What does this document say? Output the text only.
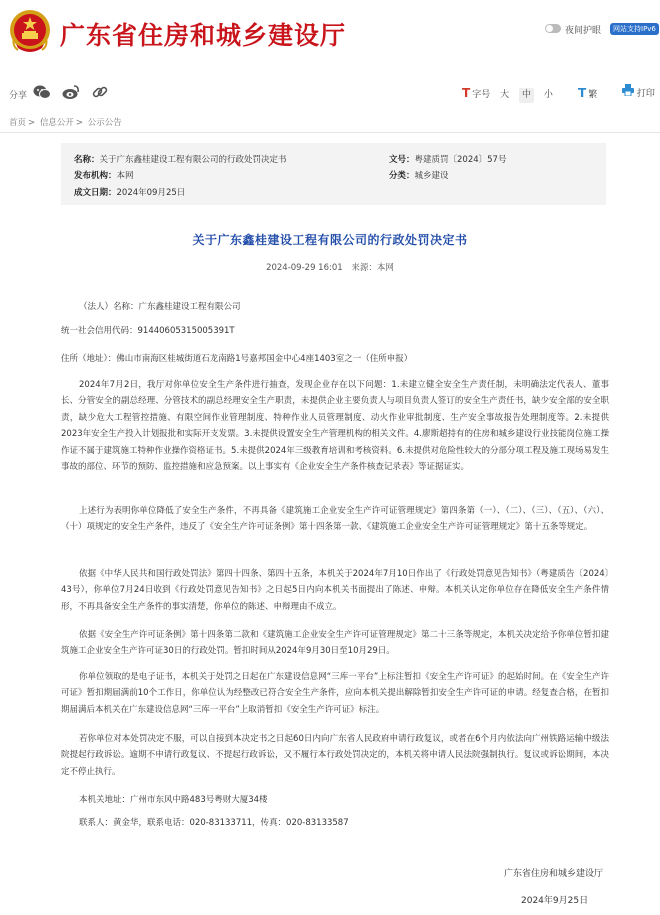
广东省住房和城乡建设厅	夜间护眼	网站支持IPv6
分享	T 字号 大 中 小 T 繁	打印
首页 > 信息公开 > 公示公告
名称：关于广东鑫桂建设工程有限公司的行政处罚决定书	文号：粤建质罚〔2024〕57号
发布机构：本网	分类：城乡建设
成文日期：2024年09月25日
关于广东鑫桂建设工程有限公司的行政处罚决定书
2024-09-29 16:01 来源：本网
（法人）名称：广东鑫桂建设工程有限公司
统一社会信用代码：91440605315005391T
住所（地址）：佛山市南海区桂城街道石龙南路1号嘉邦国金中心4座1403室之一（住所申报）
2024年7月2日，我厅对你单位安全生产条件进行抽查，发现企业存在以下问题：1.未建立健全安全生产责任制，未明确法定代表人、董事长、分管安全的副总经理、分管技术的副总经理安全生产职责，未提供企业主要负责人与项目负责人签订的安全生产责任书，缺少安全部的安全职责，缺少危大工程管控措施、有限空间作业管理制度、特种作业人员管理制度、动火作业审批制度、生产安全事故报告处理制度等。2.未提供2023年安全生产投入计划报批和实际开支发票。3.未提供设置安全生产管理机构的相关文件。4.廖斯超持有的住房和城乡建设行业技能岗位施工操作证不属于建筑施工特种作业操作资格证书。5.未提供2024年三级教育培训和考核资料。6.未提供对危险性较大的分部分项工程及施工现场易发生事故的部位、环节的预防、监控措施和应急预案。以上事实有《企业安全生产条件核查记录表》等证据证实。
上述行为表明你单位降低了安全生产条件，不再具备《建筑施工企业安全生产许可证管理规定》第四条第（一）、（二）、（三）、（五）、（六）、（十）项规定的安全生产条件，违反了《安全生产许可证条例》第十四条第一款、《建筑施工企业安全生产许可证管理规定》第十五条等规定。
依据《中华人民共和国行政处罚法》第四十四条、第四十五条，本机关于2024年7月10日作出了《行政处罚意见告知书》（粤建质告〔2024〕43号），你单位7月24日收到《行政处罚意见告知书》之日起5日内向本机关书面提出了陈述、申辩。本机关认定你单位存在降低安全生产条件情形，不再具备安全生产条件的事实清楚，你单位的陈述、申辩理由不成立。
依据《安全生产许可证条例》第十四条第二款和《建筑施工企业安全生产许可证管理规定》第二十三条等规定，本机关决定给予你单位暂扣建筑施工企业安全生产许可证30日的行政处罚。暂扣时间从2024年9月30日至10月29日。
你单位领取的是电子证书，本机关于处罚之日起在广东建设信息网“三库一平台”上标注暂扣《安全生产许可证》的起始时间。在《安全生产许可证》暂扣期届满前10个工作日，你单位认为经整改已符合安全生产条件，应向本机关提出解除暂扣安全生产许可证的申请。经复查合格，在暂扣期届满后本机关在广东建设信息网“三库一平台”上取消暂扣《安全生产许可证》标注。
若你单位对本处罚决定不服，可以自接到本决定书之日起60日内向广东省人民政府申请行政复议，或者在6个月内依法向广州铁路运输中级法院提起行政诉讼。逾期不申请行政复议、不提起行政诉讼，又不履行本行政处罚决定的，本机关将申请人民法院强制执行。复议或诉讼期间，本决定不停止执行。
本机关地址：广州市东风中路483号粤财大厦34楼
联系人：黄金华，联系电话：020-83133711，传真：020-83133587
广东省住房和城乡建设厅
2024年9月25日
